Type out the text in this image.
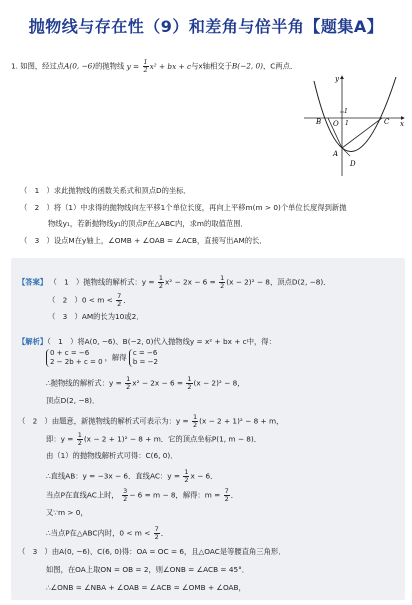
抛物线与存在性（9）和差角与倍半角【题集A】
1. 如图，经过点A(0, −6)的抛物线 $y = \frac{1}{2} x^2$ + bx + c与x轴相交于B(−2, 0)，C两点．
y
x
O
B	C
A
D
1
1
（　1　）求此抛物线的函数关系式和顶点D的坐标．
（　2　）将（1）中求得的抛物线向左平移1个单位长度，再向上平移m(m > 0)个单位长度得到新抛
物线y₁，若新抛物线y₁的顶点P在△ABC内，求m的取值范围．
（　3　）设点M在y轴上，∠OMB + ∠OAB = ∠ACB，直接写出AM的长．
【答案】 （　1　）抛物线的解析式：$y = \frac{1}{2} x^2 - 2x - 6 = \frac{1}{2} (x - 2)^2 - 8$，顶点D(2, −8)．
（　2　）$0 < m < \frac{7}{2}$ ．
（　3　）AM的长为10或2．
【解析】（　1　）将A(0, −6)、B(−2, 0)代入抛物线y = x² + bx + c中，得：
0 + c = −6
2 − 2b + c = 0 ，解得 c = −6
b = −2
∴抛物线的解析式：$y = \frac{1}{2} x^2 - 2x - 6 = \frac{1}{2} (x - 2)^2 - 8$，
顶点D(2, −8)．
（　2　）由题意，新抛物线的解析式可表示为：$y = \frac{1}{2} (x - 2 + 1)^2 - 8 + m$，
即：$y = \frac{1}{2} (x - 2 + 1)^2 - 8 + m$．它的顶点坐标P(1, m − 8)．
由（1）的抛物线解析式可得：C(6, 0)．
∴直线AB：y = −3x − 6．直线AC：$y = \frac{1}{2}$ x − 6．
当点P在直线AC上时， $\frac{3}{2} - 6 = m - 8$，解得：$m = \frac{7}{2}$ ．
又∵m > 0，
∴当点P在△ABC内时，$0 < m < \frac{7}{2}$ ．
（　3　）由A(0, −6)、C(6, 0)得：OA = OC = 6，且△OAC是等腰直角三角形．
如图，在OA上取ON = OB = 2，则∠ONB = ∠ACB = 45°．
∴∠ONB = ∠NBA + ∠OAB = ∠ACB = ∠OMB + ∠OAB，
